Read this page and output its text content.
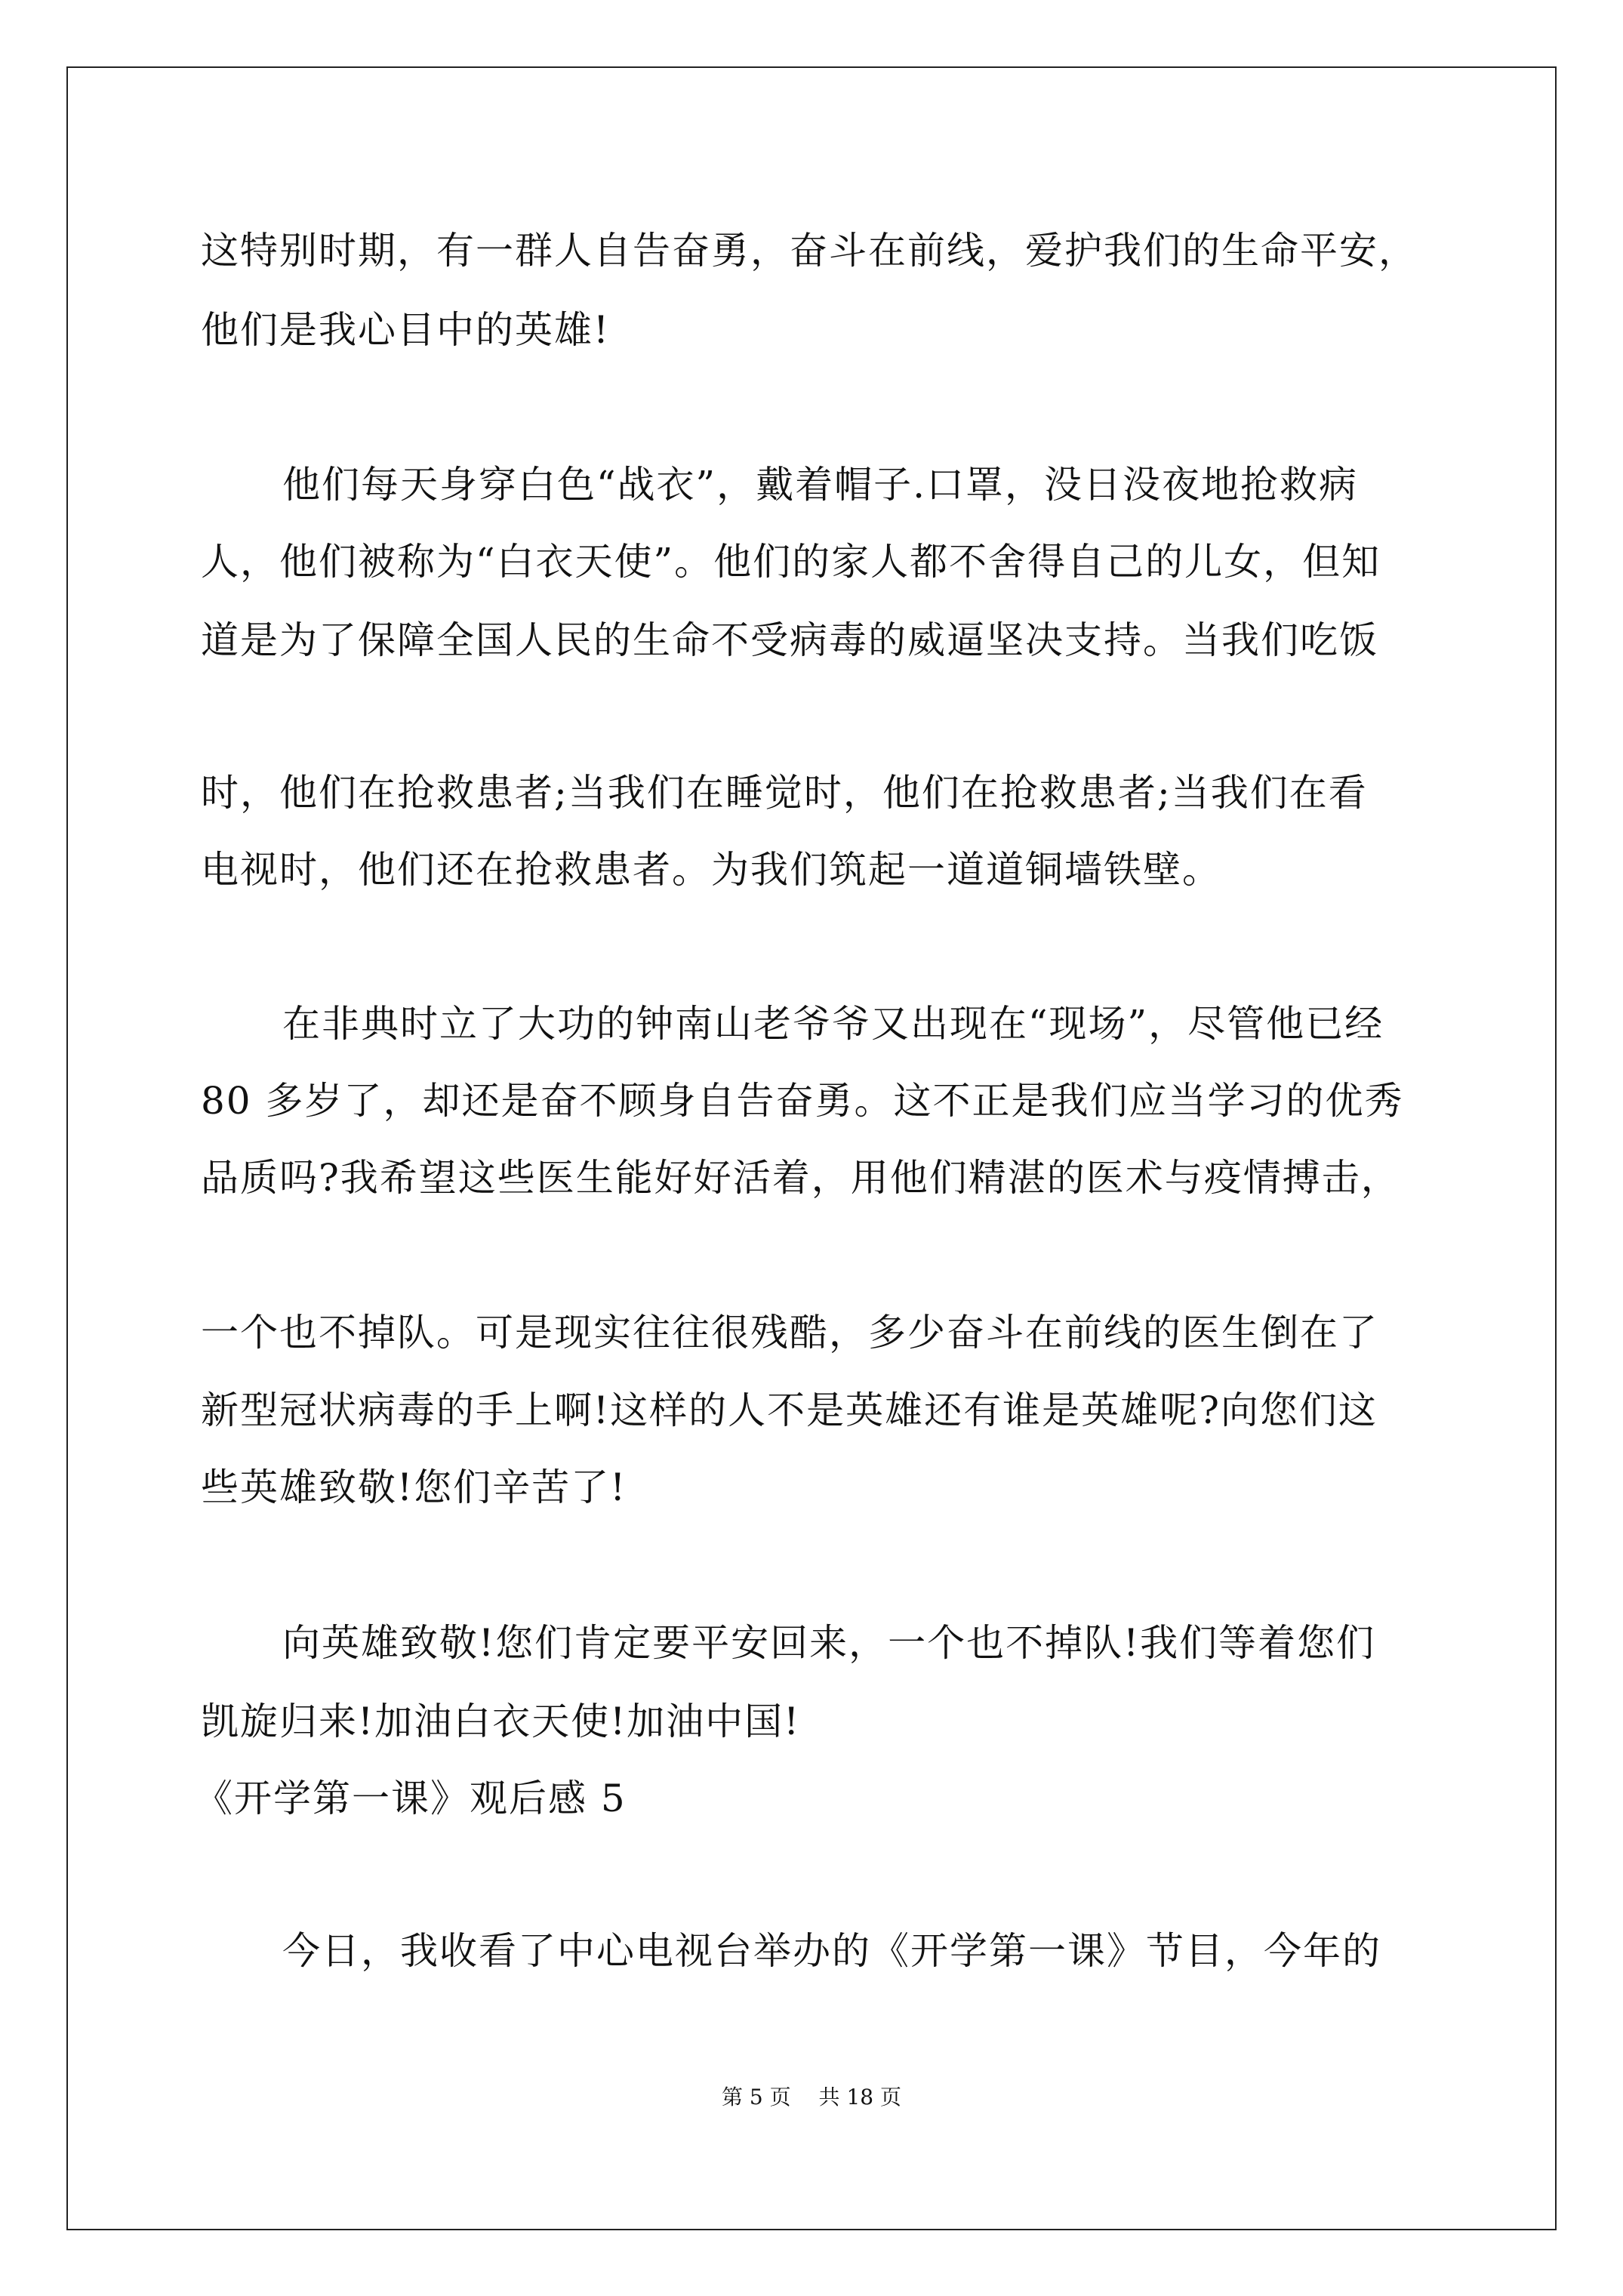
这特别时期，有一群人自告奋勇，奋斗在前线，爱护我们的生命平安，
他们是我心目中的英雄!
他们每天身穿白色“战衣”，戴着帽子.口罩，没日没夜地抢救病
人，他们被称为“白衣天使”。他们的家人都不舍得自己的儿女，但知
道是为了保障全国人民的生命不受病毒的威逼坚决支持。当我们吃饭
时，他们在抢救患者;当我们在睡觉时，他们在抢救患者;当我们在看
电视时，他们还在抢救患者。为我们筑起一道道铜墙铁壁。
在非典时立了大功的钟南山老爷爷又出现在“现场”，尽管他已经
80 多岁了，却还是奋不顾身自告奋勇。这不正是我们应当学习的优秀
品质吗?我希望这些医生能好好活着，用他们精湛的医术与疫情搏击，
一个也不掉队。可是现实往往很残酷，多少奋斗在前线的医生倒在了
新型冠状病毒的手上啊!这样的人不是英雄还有谁是英雄呢?向您们这
些英雄致敬!您们辛苦了!
向英雄致敬!您们肯定要平安回来，一个也不掉队!我们等着您们
凯旋归来!加油白衣天使!加油中国!
《开学第一课》观后感 5
今日，我收看了中心电视台举办的《开学第一课》节目，今年的
第 5 页 共 18 页
